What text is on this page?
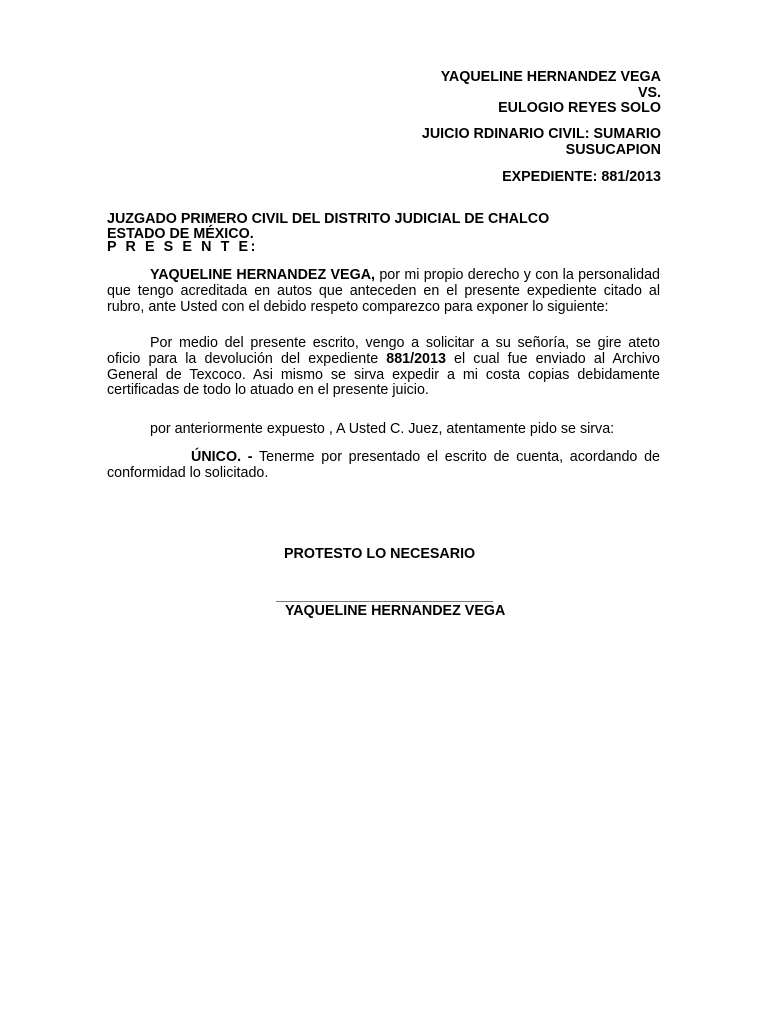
YAQUELINE HERNANDEZ VEGA
VS.
EULOGIO REYES SOLO
JUICIO RDINARIO CIVIL: SUMARIO
SUSUCAPION
EXPEDIENTE: 881/2013
JUZGADO PRIMERO CIVIL DEL DISTRITO JUDICIAL DE CHALCO
ESTADO DE MÉXICO.
P R E S E N T E:
YAQUELINE HERNANDEZ VEGA, por mi propio derecho y con la personalidad que tengo acreditada en autos que anteceden en el presente expediente citado al rubro, ante Usted con el debido respeto comparezco para exponer lo siguiente:
Por medio del presente escrito, vengo a solicitar a su señoría, se gire ateto oficio para la devolución del expediente 881/2013 el cual fue enviado al Archivo General de Texcoco. Asi mismo se sirva expedir a mi costa copias debidamente certificadas de todo lo atuado en el presente juicio.
por anteriormente expuesto , A Usted C. Juez, atentamente pido se sirva:
ÚNICO. - Tenerme por presentado el escrito de cuenta, acordando de conformidad lo solicitado.
PROTESTO LO NECESARIO
YAQUELINE HERNANDEZ VEGA
